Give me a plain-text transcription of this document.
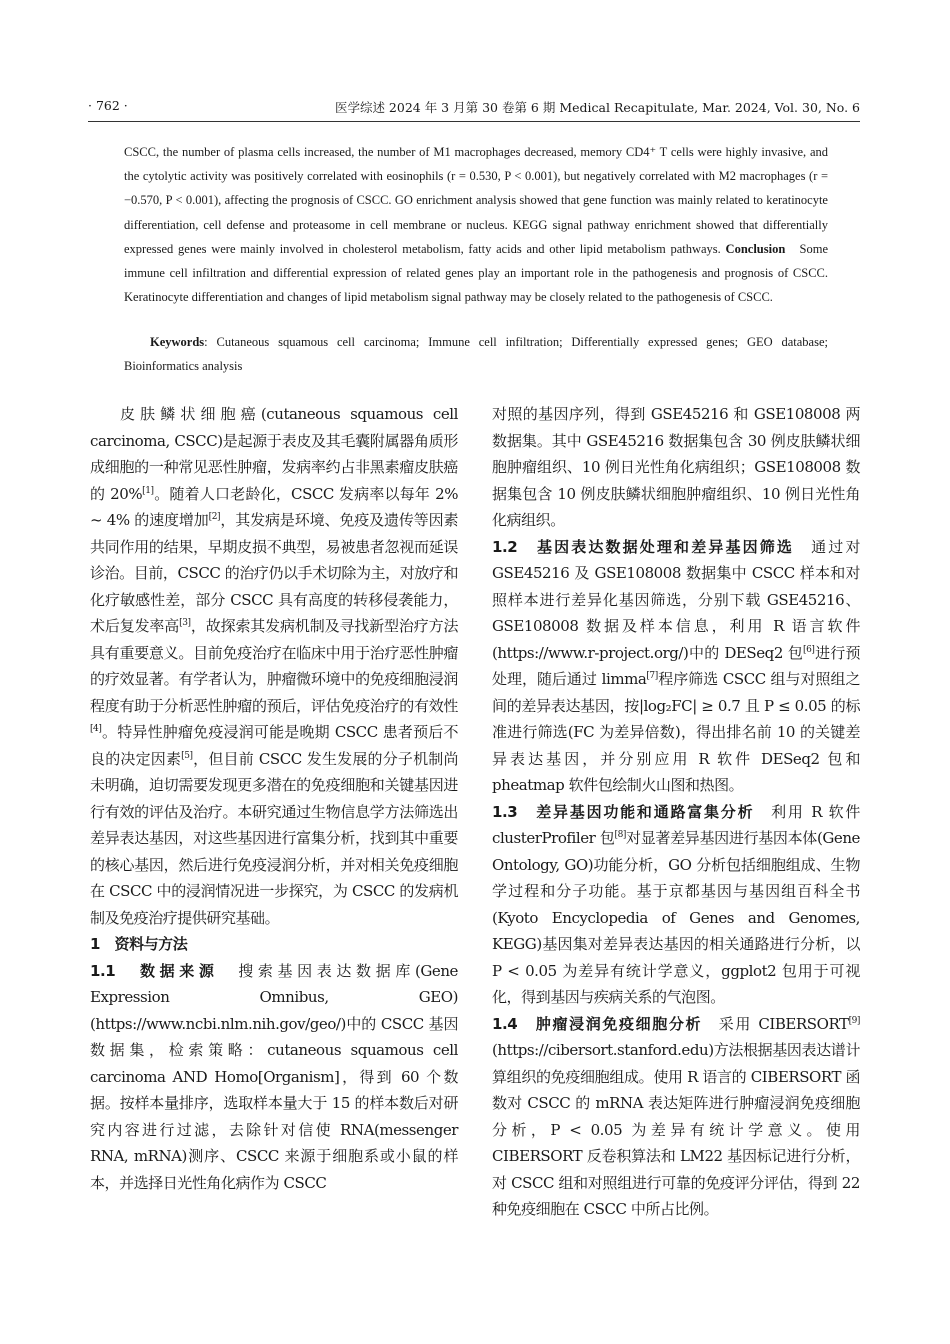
· 762 ·	医学综述 2024 年 3 月第 30 卷第 6 期 Medical Recapitulate, Mar. 2024, Vol. 30, No. 6
CSCC, the number of plasma cells increased, the number of M1 macrophages decreased, memory CD4⁺ T cells were highly invasive, and the cytolytic activity was positively correlated with eosinophils (r = 0.530, P < 0.001), but negatively correlated with M2 macrophages (r = −0.570, P < 0.001), affecting the prognosis of CSCC. GO enrichment analysis showed that gene function was mainly related to keratinocyte differentiation, cell defense and proteasome in cell membrane or nucleus. KEGG signal pathway enrichment showed that differentially expressed genes were mainly involved in cholesterol metabolism, fatty acids and other lipid metabolism pathways. Conclusion Some immune cell infiltration and differential expression of related genes play an important role in the pathogenesis and prognosis of CSCC. Keratinocyte differentiation and changes of lipid metabolism signal pathway may be closely related to the pathogenesis of CSCC.
Keywords: Cutaneous squamous cell carcinoma; Immune cell infiltration; Differentially expressed genes; GEO database; Bioinformatics analysis

皮肤鳞状细胞癌(cutaneous squamous cell carcinoma, CSCC)是起源于表皮及其毛囊附属器角质形成细胞的一种常见恶性肿瘤，发病率约占非黑素瘤皮肤癌的 20%[1]。随着人口老龄化，CSCC 发病率以每年 2% ~ 4% 的速度增加[2]，其发病是环境、免疫及遗传等因素共同作用的结果，早期皮损不典型，易被患者忽视而延误诊治。目前，CSCC 的治疗仍以手术切除为主，对放疗和化疗敏感性差，部分 CSCC 具有高度的转移侵袭能力，术后复发率高[3]，故探索其发病机制及寻找新型治疗方法具有重要意义。目前免疫治疗在临床中用于治疗恶性肿瘤的疗效显著。有学者认为，肿瘤微环境中的免疫细胞浸润程度有助于分析恶性肿瘤的预后，评估免疫治疗的有效性[4]。特异性肿瘤免疫浸润可能是晚期 CSCC 患者预后不良的决定因素[5]，但目前 CSCC 发生发展的分子机制尚未明确，迫切需要发现更多潜在的免疫细胞和关键基因进行有效的评估及治疗。本研究通过生物信息学方法筛选出差异表达基因，对这些基因进行富集分析，找到其中重要的核心基因，然后进行免疫浸润分析，并对相关免疫细胞在 CSCC 中的浸润情况进一步探究，为 CSCC 的发病机制及免疫治疗提供研究基础。

1　资料与方法

1.1　数据来源　搜索基因表达数据库(Gene Expression Omnibus, GEO)(https://www.ncbi.nlm.nih.gov/geo/)中的 CSCC 基因数据集，检索策略：cutaneous squamous cell carcinoma AND Homo[Organism]，得到 60 个数据。按样本量排序，选取样本量大于 15 的样本数后对研究内容进行过滤，去除针对信使 RNA(messenger RNA, mRNA)测序、CSCC 来源于细胞系或小鼠的样本，并选择日光性角化病作为 CSCC

对照的基因序列，得到 GSE45216 和 GSE108008 两数据集。其中 GSE45216 数据集包含 30 例皮肤鳞状细胞肿瘤组织、10 例日光性角化病组织；GSE108008 数据集包含 10 例皮肤鳞状细胞肿瘤组织、10 例日光性角化病组织。

1.2　基因表达数据处理和差异基因筛选　通过对 GSE45216 及 GSE108008 数据集中 CSCC 样本和对照样本进行差异化基因筛选，分别下载 GSE45216、GSE108008 数据及样本信息，利用 R 语言软件(https://www.r-project.org/)中的 DESeq2 包[6]进行预处理，随后通过 limma[7]程序筛选 CSCC 组与对照组之间的差异表达基因，按|log₂FC| ≥ 0.7 且 P ≤ 0.05 的标准进行筛选(FC 为差异倍数)，得出排名前 10 的关键差异表达基因，并分别应用 R 软件 DESeq2 包和 pheatmap 软件包绘制火山图和热图。

1.3　差异基因功能和通路富集分析　利用 R 软件 clusterProfiler 包[8]对显著差异基因进行基因本体(Gene Ontology, GO)功能分析，GO 分析包括细胞组成、生物学过程和分子功能。基于京都基因与基因组百科全书(Kyoto Encyclopedia of Genes and Genomes, KEGG)基因集对差异表达基因的相关通路进行分析，以 P < 0.05 为差异有统计学意义，ggplot2 包用于可视化，得到基因与疾病关系的气泡图。

1.4　肿瘤浸润免疫细胞分析　采用 CIBERSORT[9](https://cibersort.stanford.edu)方法根据基因表达谱计算组织的免疫细胞组成。使用 R 语言的 CIBERSORT 函数对 CSCC 的 mRNA 表达矩阵进行肿瘤浸润免疫细胞分析，P < 0.05 为差异有统计学意义。使用 CIBERSORT 反卷积算法和 LM22 基因标记进行分析，对 CSCC 组和对照组进行可靠的免疫评分评估，得到 22 种免疫细胞在 CSCC 中所占比例。
